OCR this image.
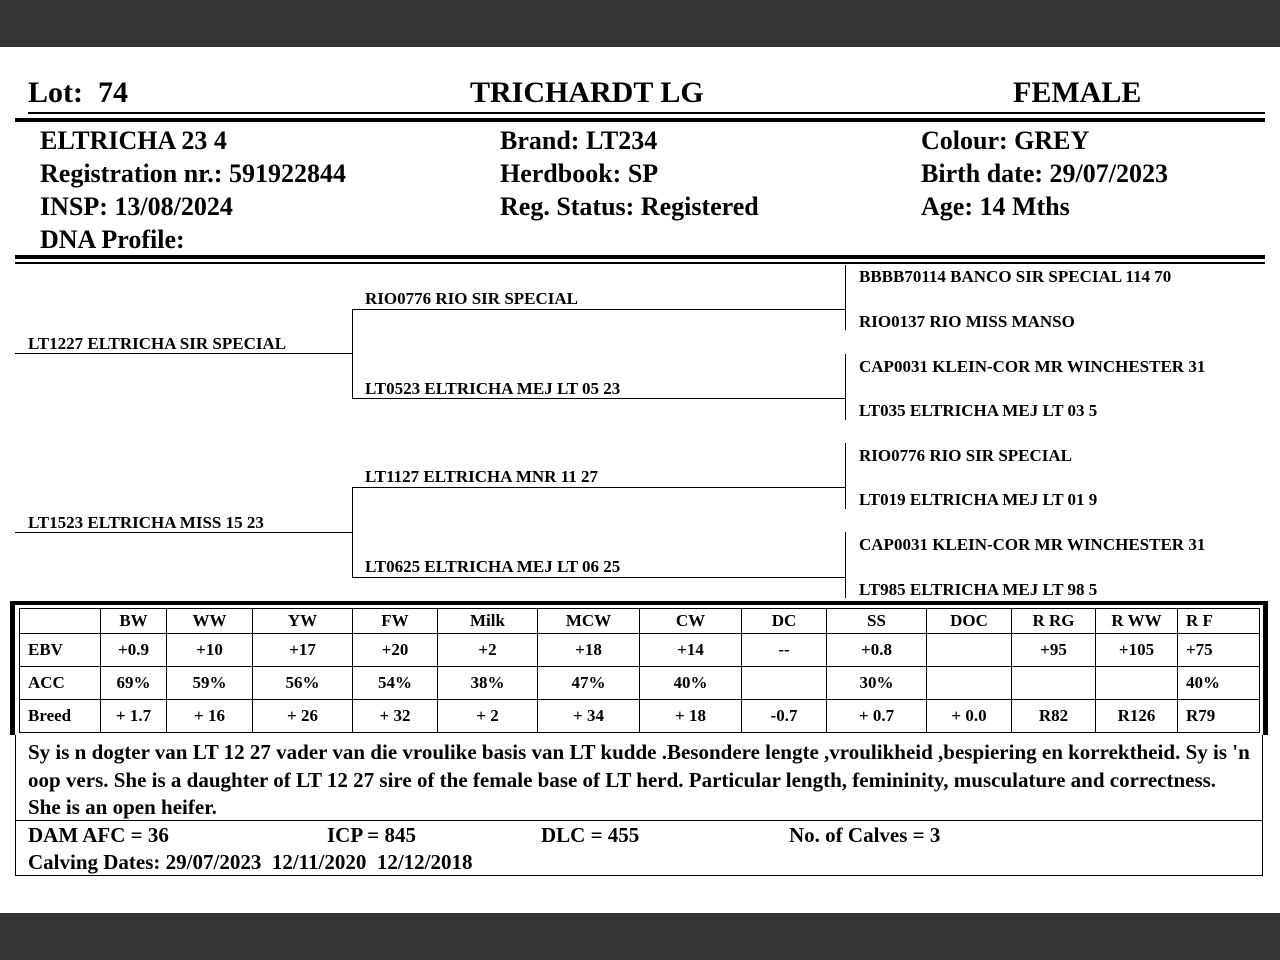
Lot: 74	TRICHARDT LG	FEMALE
ELTRICHA 23 4
Registration nr.: 591922844
INSP: 13/08/2024
DNA Profile:
Brand: LT234
Herdbook: SP
Reg. Status: Registered
Colour: GREY
Birth date: 29/07/2023
Age: 14 Mths
LT1227 ELTRICHA SIR SPECIAL
LT1523 ELTRICHA MISS 15 23
RIO0776 RIO SIR SPECIAL
LT0523 ELTRICHA MEJ LT 05 23
LT1127 ELTRICHA MNR 11 27
LT0625 ELTRICHA MEJ LT 06 25
BBBB70114 BANCO SIR SPECIAL 114 70
RIO0137 RIO MISS MANSO
CAP0031 KLEIN-COR MR WINCHESTER 31
LT035 ELTRICHA MEJ LT 03 5
RIO0776 RIO SIR SPECIAL
LT019 ELTRICHA MEJ LT 01 9
CAP0031 KLEIN-COR MR WINCHESTER 31
LT985 ELTRICHA MEJ LT 98 5
	BW	WW	YW	FW	Milk	MCW	CW	DC	SS	DOC	R RG	R WW	R F
EBV	+0.9	+10	+17	+20	+2	+18	+14	--	+0.8		+95	+105	+75
ACC	69%	59%	56%	54%	38%	47%	40%		30%				40%
Breed	+ 1.7	+ 16	+ 26	+ 32	+ 2	+ 34	+ 18	-0.7	+ 0.7	+ 0.0	R82	R126	R79
Sy is n dogter van LT 12 27 vader van die vroulike basis van LT kudde .Besondere lengte ,vroulikheid ,bespiering en korrektheid. Sy is 'n oop vers. She is a daughter of LT 12 27 sire of the female base of LT herd. Particular length, femininity, musculature and correctness. She is an open heifer.
DAM AFC = 36	ICP = 845	DLC = 455	No. of Calves = 3
Calving Dates: 29/07/2023  12/11/2020  12/12/2018
